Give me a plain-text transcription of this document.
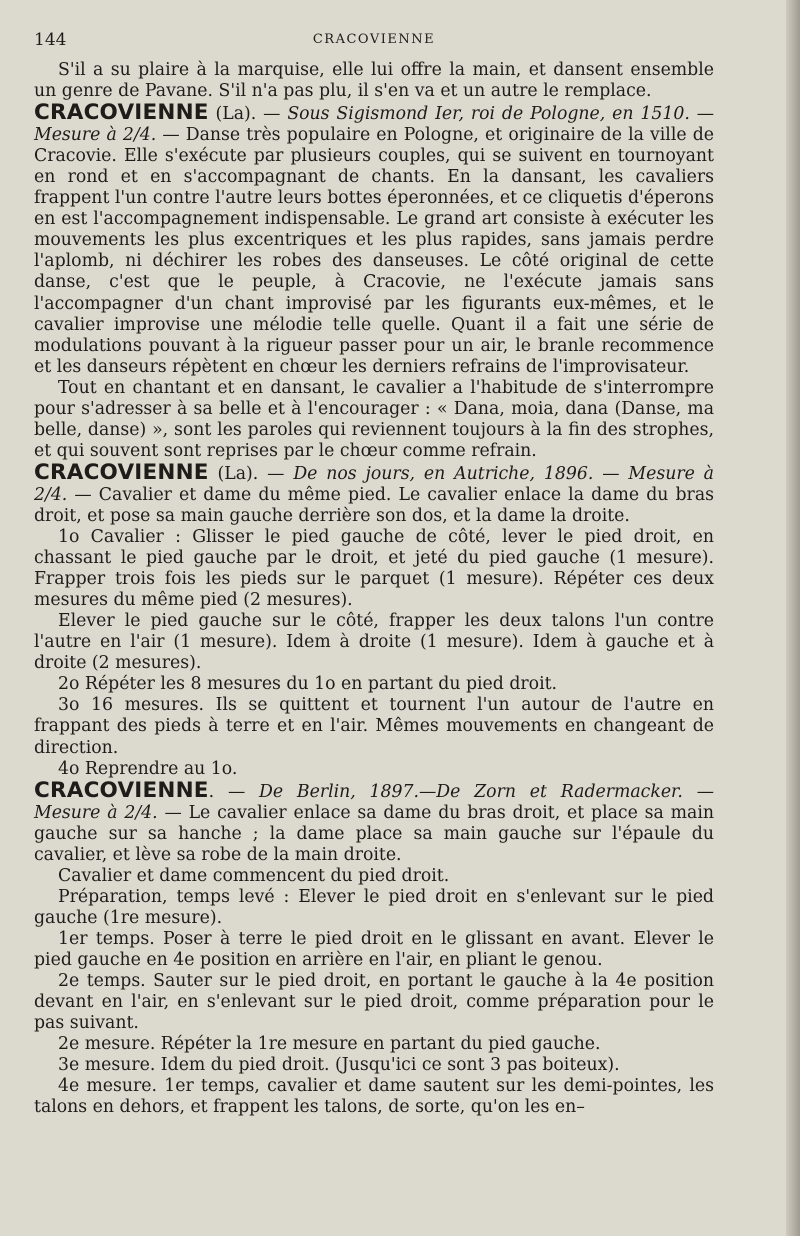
144	CRACOVIENNE

S'il a su plaire à la marquise, elle lui offre la main, et dansent ensemble un genre de Pavane. S'il n'a pas plu, il s'en va et un autre le remplace.

CRACOVIENNE (La). — Sous Sigismond Ier, roi de Pologne, en 1510. — Mesure à 2/4. — Danse très populaire en Pologne, et originaire de la ville de Cracovie. Elle s'exécute par plusieurs couples, qui se suivent en tournoyant en rond et en s'accompagnant de chants. En la dansant, les cavaliers frappent l'un contre l'autre leurs bottes éperonnées, et ce cliquetis d'éperons en est l'accompagnement indispensable. Le grand art consiste à exécuter les mouvements les plus excentriques et les plus rapides, sans jamais perdre l'aplomb, ni déchirer les robes des danseuses. Le côté original de cette danse, c'est que le peuple, à Cracovie, ne l'exécute jamais sans l'accompagner d'un chant improvisé par les figurants eux-mêmes, et le cavalier improvise une mélodie telle quelle. Quant il a fait une série de modulations pouvant à la rigueur passer pour un air, le branle recommence et les danseurs répètent en chœur les derniers refrains de l'improvisateur.

Tout en chantant et en dansant, le cavalier a l'habitude de s'interrompre pour s'adresser à sa belle et à l'encourager : « Dana, moia, dana (Danse, ma belle, danse) », sont les paroles qui reviennent toujours à la fin des strophes, et qui souvent sont reprises par le chœur comme refrain.

CRACOVIENNE (La). — De nos jours, en Autriche, 1896. — Mesure à 2/4. — Cavalier et dame du même pied. Le cavalier enlace la dame du bras droit, et pose sa main gauche derrière son dos, et la dame la droite.

1o Cavalier : Glisser le pied gauche de côté, lever le pied droit, en chassant le pied gauche par le droit, et jeté du pied gauche (1 mesure). Frapper trois fois les pieds sur le parquet (1 mesure). Répéter ces deux mesures du même pied (2 mesures).

Elever le pied gauche sur le côté, frapper les deux talons l'un contre l'autre en l'air (1 mesure). Idem à droite (1 mesure). Idem à gauche et à droite (2 mesures).

2o Répéter les 8 mesures du 1o en partant du pied droit.

3o 16 mesures. Ils se quittent et tournent l'un autour de l'autre en frappant des pieds à terre et en l'air. Mêmes mouvements en changeant de direction.

4o Reprendre au 1o.

CRACOVIENNE. — De Berlin, 1897.—De Zorn et Radermacker. — Mesure à 2/4. — Le cavalier enlace sa dame du bras droit, et place sa main gauche sur sa hanche ; la dame place sa main gauche sur l'épaule du cavalier, et lève sa robe de la main droite.

Cavalier et dame commencent du pied droit.

Préparation, temps levé : Elever le pied droit en s'enlevant sur le pied gauche (1re mesure).

1er temps. Poser à terre le pied droit en le glissant en avant. Elever le pied gauche en 4e position en arrière en l'air, en pliant le genou.

2e temps. Sauter sur le pied droit, en portant le gauche à la 4e position devant en l'air, en s'enlevant sur le pied droit, comme préparation pour le pas suivant.

2e mesure. Répéter la 1re mesure en partant du pied gauche.

3e mesure. Idem du pied droit. (Jusqu'ici ce sont 3 pas boiteux).

4e mesure. 1er temps, cavalier et dame sautent sur les demi-pointes, les talons en dehors, et frappent les talons, de sorte, qu'on les en–
